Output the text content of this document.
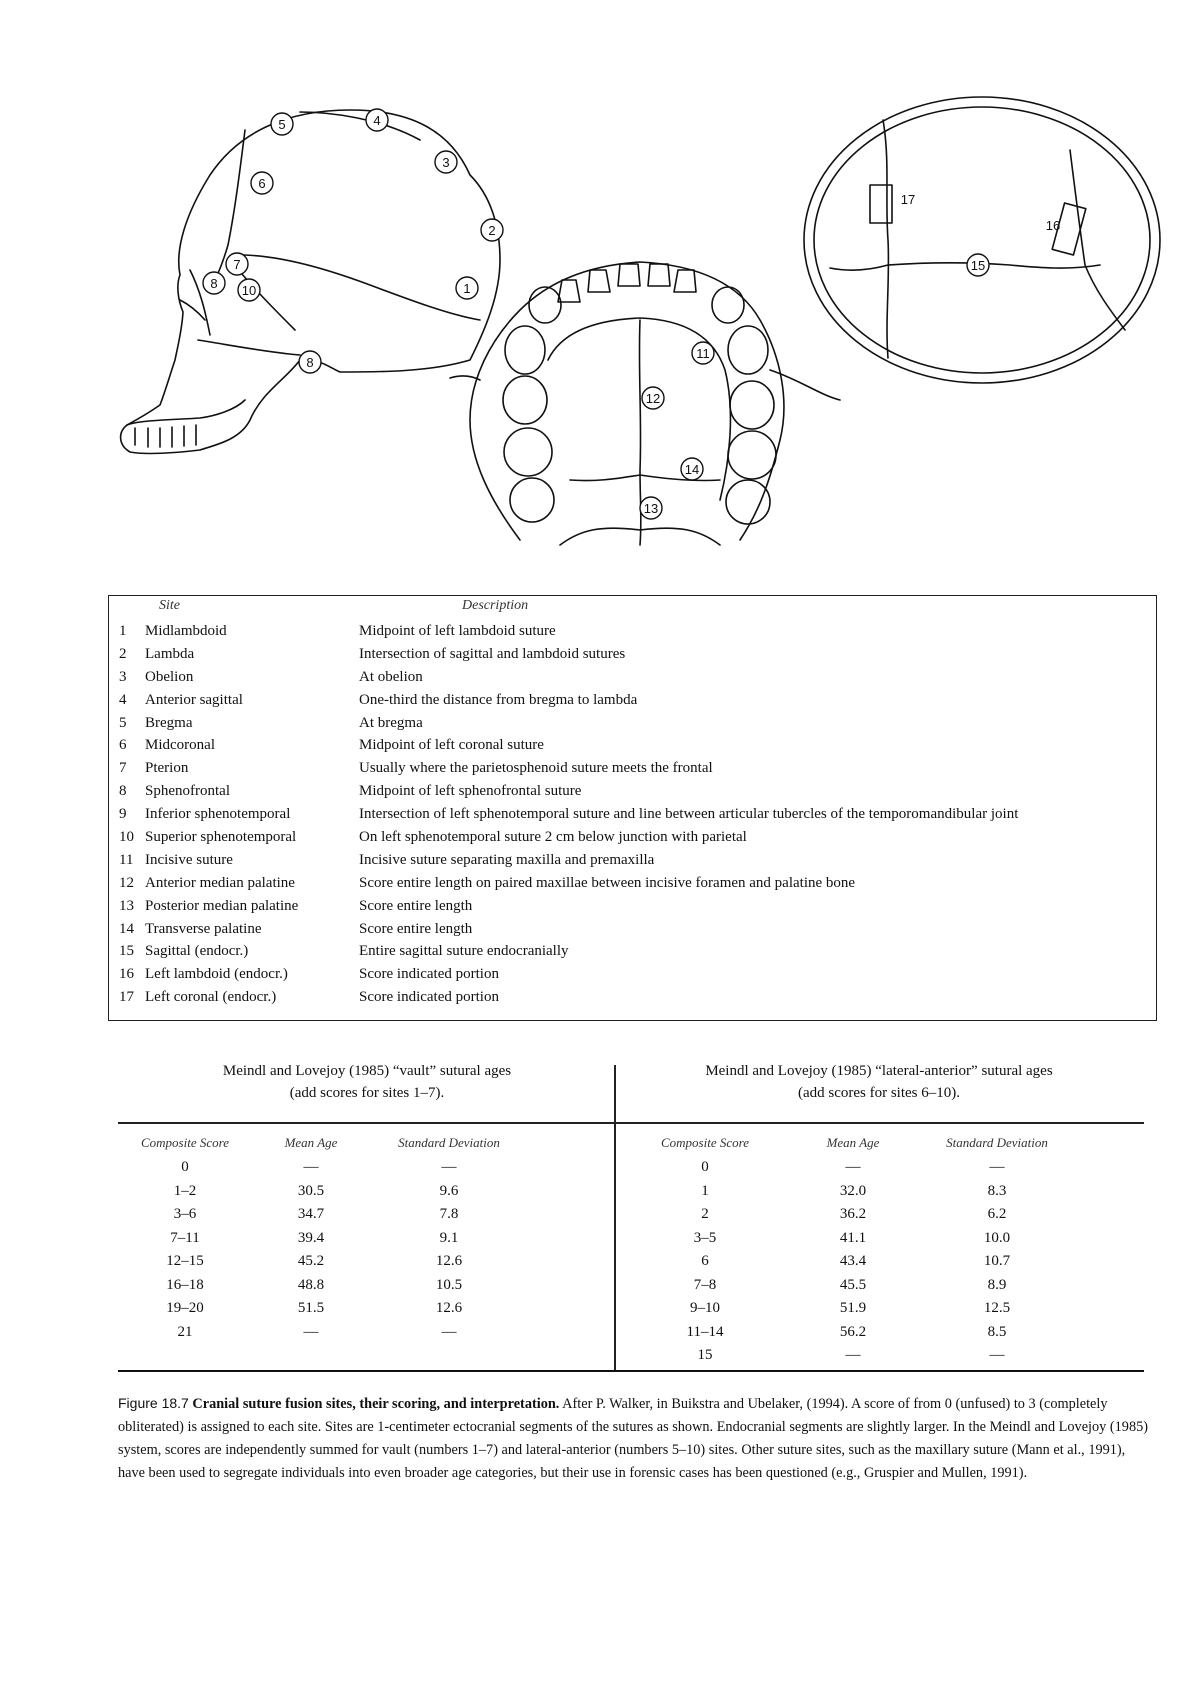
5	4
3
6
2
7
8 10	1
8
11
12
14
13
15
16
17
Site	Description
1	Midlambdoid	Midpoint of left lambdoid suture
2	Lambda	Intersection of sagittal and lambdoid sutures
3	Obelion	At obelion
4	Anterior sagittal	One-third the distance from bregma to lambda
5	Bregma	At bregma
6	Midcoronal	Midpoint of left coronal suture
7	Pterion	Usually where the parietosphenoid suture meets the frontal
8	Sphenofrontal	Midpoint of left sphenofrontal suture
9	Inferior sphenotemporal	Intersection of left sphenotemporal suture and line between articular tubercles of the temporomandibular joint
10 Superior sphenotemporal	On left sphenotemporal suture 2 cm below junction with parietal
11 Incisive suture	Incisive suture separating maxilla and premaxilla
12 Anterior median palatine	Score entire length on paired maxillae between incisive foramen and palatine bone
13 Posterior median palatine	Score entire length
14 Transverse palatine	Score entire length
15 Sagittal (endocr.)	Entire sagittal suture endocranially
16 Left lambdoid (endocr.)	Score indicated portion
17 Left coronal (endocr.)	Score indicated portion
Meindl and Lovejoy (1985) “vault” sutural ages
(add scores for sites 1–7).
Composite Score	Mean Age	Standard Deviation
0	—	—
1–2	30.5	9.6
3–6	34.7	7.8
7–11	39.4	9.1
12–15	45.2	12.6
16–18	48.8	10.5
19–20	51.5	12.6
21	—	—
Meindl and Lovejoy (1985) “lateral-anterior” sutural ages
(add scores for sites 6–10).
Composite Score	Mean Age	Standard Deviation
0	—	—
1	32.0	8.3
2	36.2	6.2
3–5	41.1	10.0
6	43.4	10.7
7–8	45.5	8.9
9–10	51.9	12.5
11–14	56.2	8.5
15	—	—
Figure 18.7 Cranial suture fusion sites, their scoring, and interpretation. After P. Walker, in Buikstra and Ubelaker, (1994). A score of from 0 (unfused) to 3 (completely obliterated) is assigned to each site. Sites are 1-centimeter ectocranial segments of the sutures as shown. Endocranial segments are slightly larger. In the Meindl and Lovejoy (1985) system, scores are independently summed for vault (numbers 1–7) and lateral-anterior (numbers 5–10) sites. Other suture sites, such as the maxillary suture (Mann et al., 1991), have been used to segregate individuals into even broader age categories, but their use in forensic cases has been questioned (e.g., Gruspier and Mullen, 1991).
